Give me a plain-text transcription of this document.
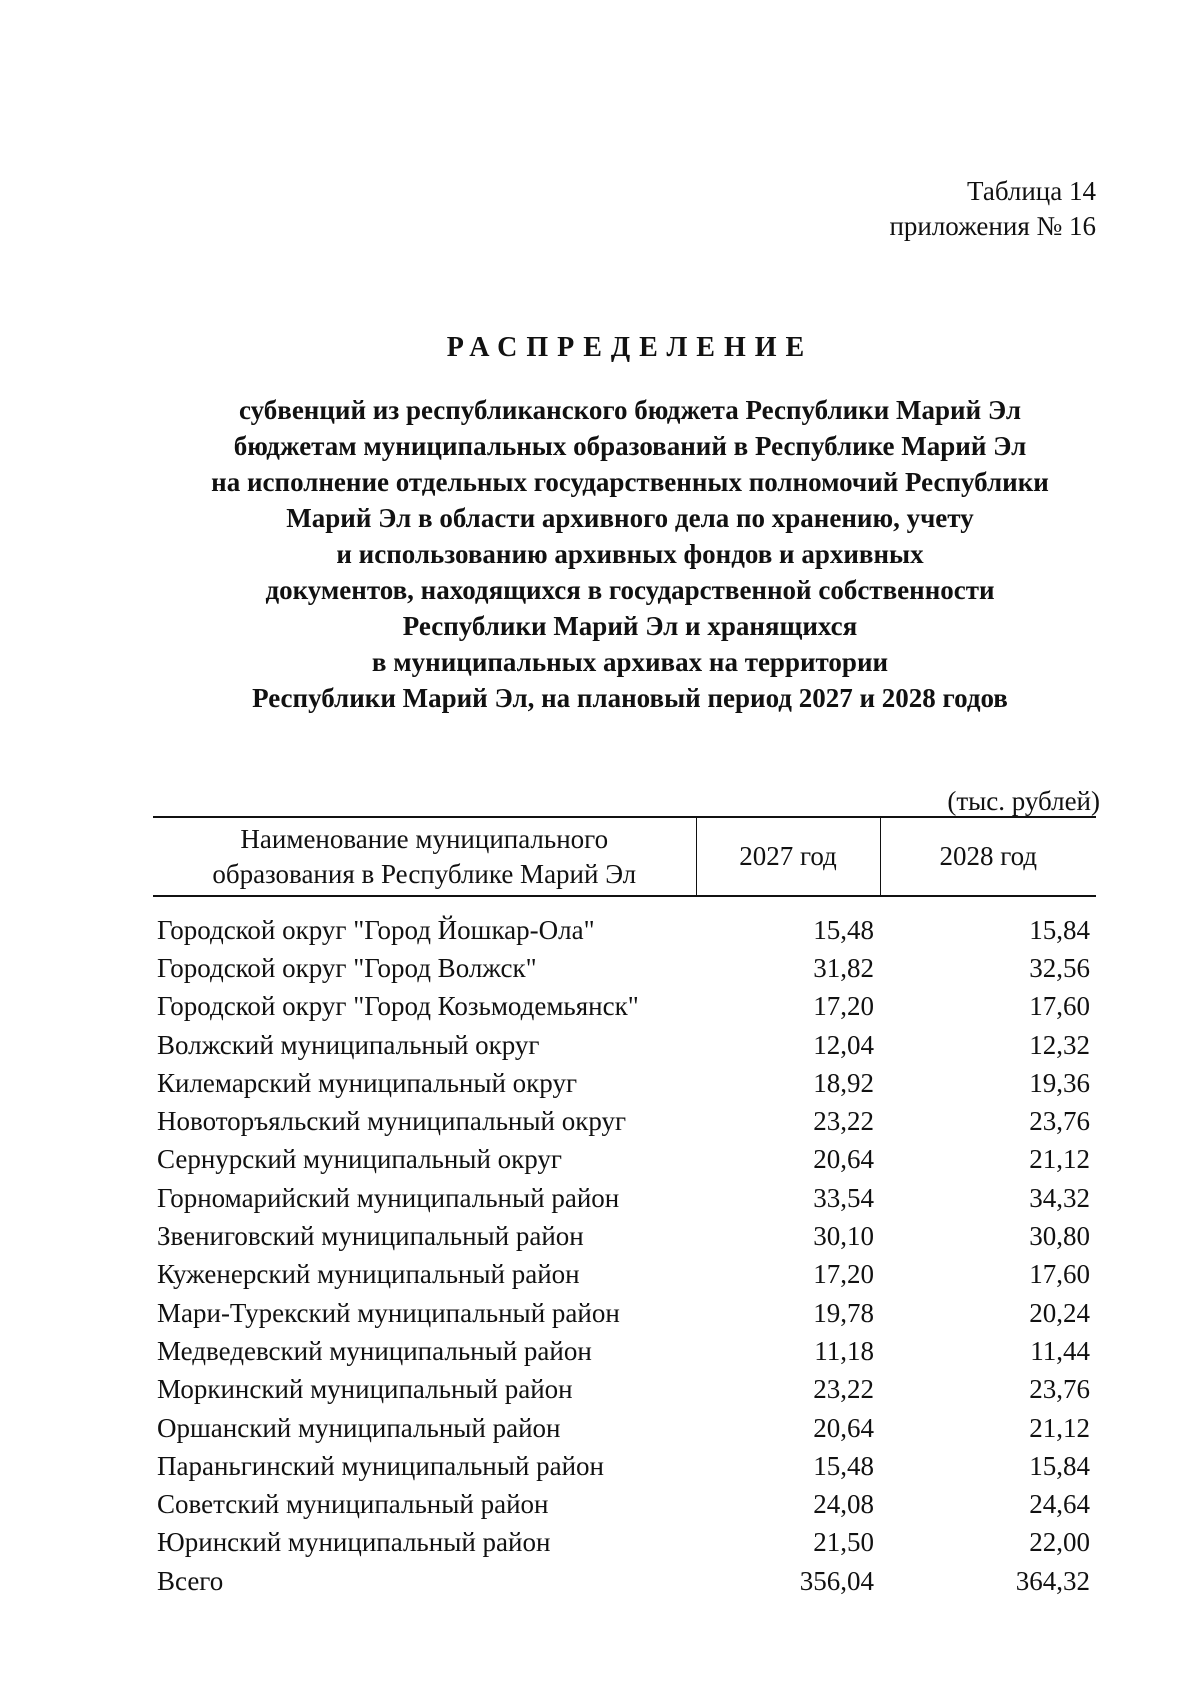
Таблица 14
приложения № 16
РАСПРЕДЕЛЕНИЕ
субвенций из республиканского бюджета Республики Марий Эл
бюджетам муниципальных образований в Республике Марий Эл
на исполнение отдельных государственных полномочий Республики
Марий Эл в области архивного дела по хранению, учету
и использованию архивных фондов и архивных
документов, находящихся в государственной собственности
Республики Марий Эл и хранящихся
в муниципальных архивах на территории
Республики Марий Эл, на плановый период 2027 и 2028 годов
(тыс. рублей)
Наименование муниципального
образования в Республике Марий Эл	2027 год	2028 год
Городской округ "Город Йошкар-Ола"	15,48	15,84
Городской округ "Город Волжск"	31,82	32,56
Городской округ "Город Козьмодемьянск"	17,20	17,60
Волжский муниципальный округ	12,04	12,32
Килемарский муниципальный округ	18,92	19,36
Новоторъяльский муниципальный округ	23,22	23,76
Сернурский муниципальный округ	20,64	21,12
Горномарийский муниципальный район	33,54	34,32
Звениговский муниципальный район	30,10	30,80
Куженерский муниципальный район	17,20	17,60
Мари-Турекский муниципальный район	19,78	20,24
Медведевский муниципальный район	11,18	11,44
Моркинский муниципальный район	23,22	23,76
Оршанский муниципальный район	20,64	21,12
Параньгинский муниципальный район	15,48	15,84
Советский муниципальный район	24,08	24,64
Юринский муниципальный район	21,50	22,00
Всего	356,04	364,32
